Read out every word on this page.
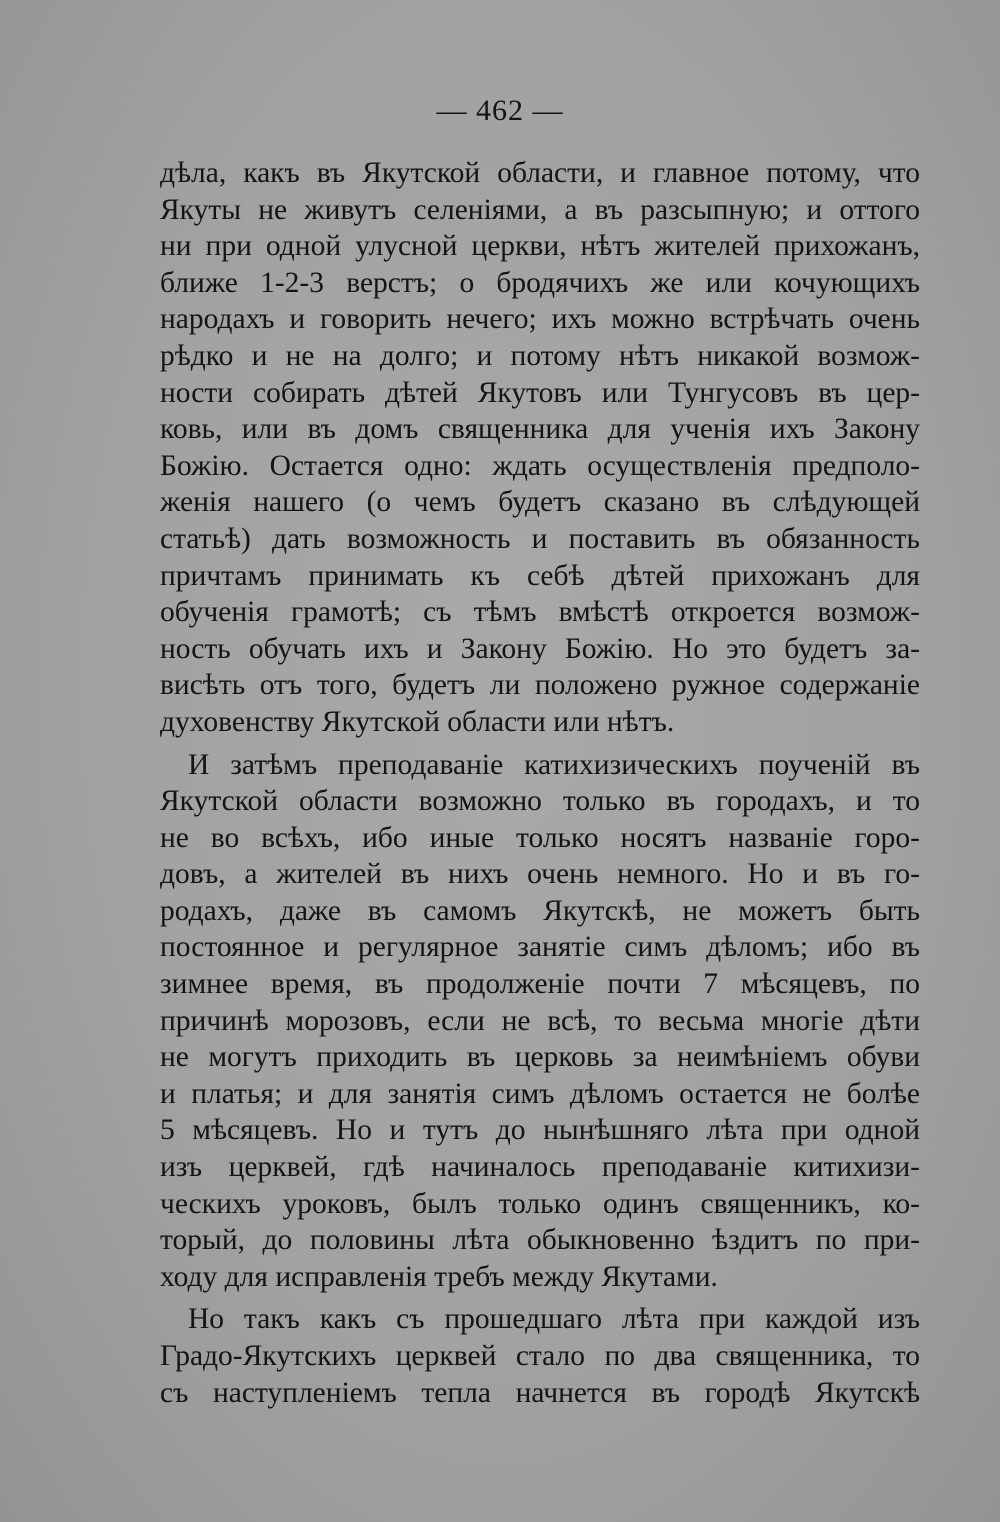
— 462 —
дѣла, какъ въ Якутской области, и главное потому, что
Якуты не живутъ селеніями, а въ разсыпную; и оттого
ни при одной улусной церкви, нѣтъ жителей прихожанъ,
ближе 1-2-3 верстъ; о бродячихъ же или кочующихъ
народахъ и говорить нечего; ихъ можно встрѣчать очень
рѣдко и не на долго; и потому нѣтъ никакой возмож-
ности собирать дѣтей Якутовъ или Тунгусовъ въ цер-
ковь, или въ домъ священника для ученія ихъ Закону
Божію. Остается одно: ждать осуществленія предполо-
женія нашего (о чемъ будетъ сказано въ слѣдующей
статьѣ) дать возможность и поставить въ обязанность
причтамъ принимать къ себѣ дѣтей прихожанъ для
обученія грамотѣ; съ тѣмъ вмѣстѣ откроется возмож-
ность обучать ихъ и Закону Божію. Но это будетъ за-
висѣть отъ того, будетъ ли положено ружное содержаніе
духовенству Якутской области или нѣтъ.
И затѣмъ преподаваніе катихизическихъ поученій въ
Якутской области возможно только въ городахъ, и то
не во всѣхъ, ибо иные только носятъ названіе горо-
довъ, а жителей въ нихъ очень немного. Но и въ го-
родахъ, даже въ самомъ Якутскѣ, не можетъ быть
постоянное и регулярное занятіе симъ дѣломъ; ибо въ
зимнее время, въ продолженіе почти 7 мѣсяцевъ, по
причинѣ морозовъ, если не всѣ, то весьма многіе дѣти
не могутъ приходить въ церковь за неимѣніемъ обуви
и платья; и для занятія симъ дѣломъ остается не болѣе
5 мѣсяцевъ. Но и тутъ до нынѣшняго лѣта при одной
изъ церквей, гдѣ начиналось преподаваніе китихизи-
ческихъ уроковъ, былъ только одинъ священникъ, ко-
торый, до половины лѣта обыкновенно ѣздитъ по при-
ходу для исправленія требъ между Якутами.
Но такъ какъ съ прошедшаго лѣта при каждой изъ
Градо-Якутскихъ церквей стало по два священника, то
съ наступленіемъ тепла начнется въ городѣ Якутскѣ
